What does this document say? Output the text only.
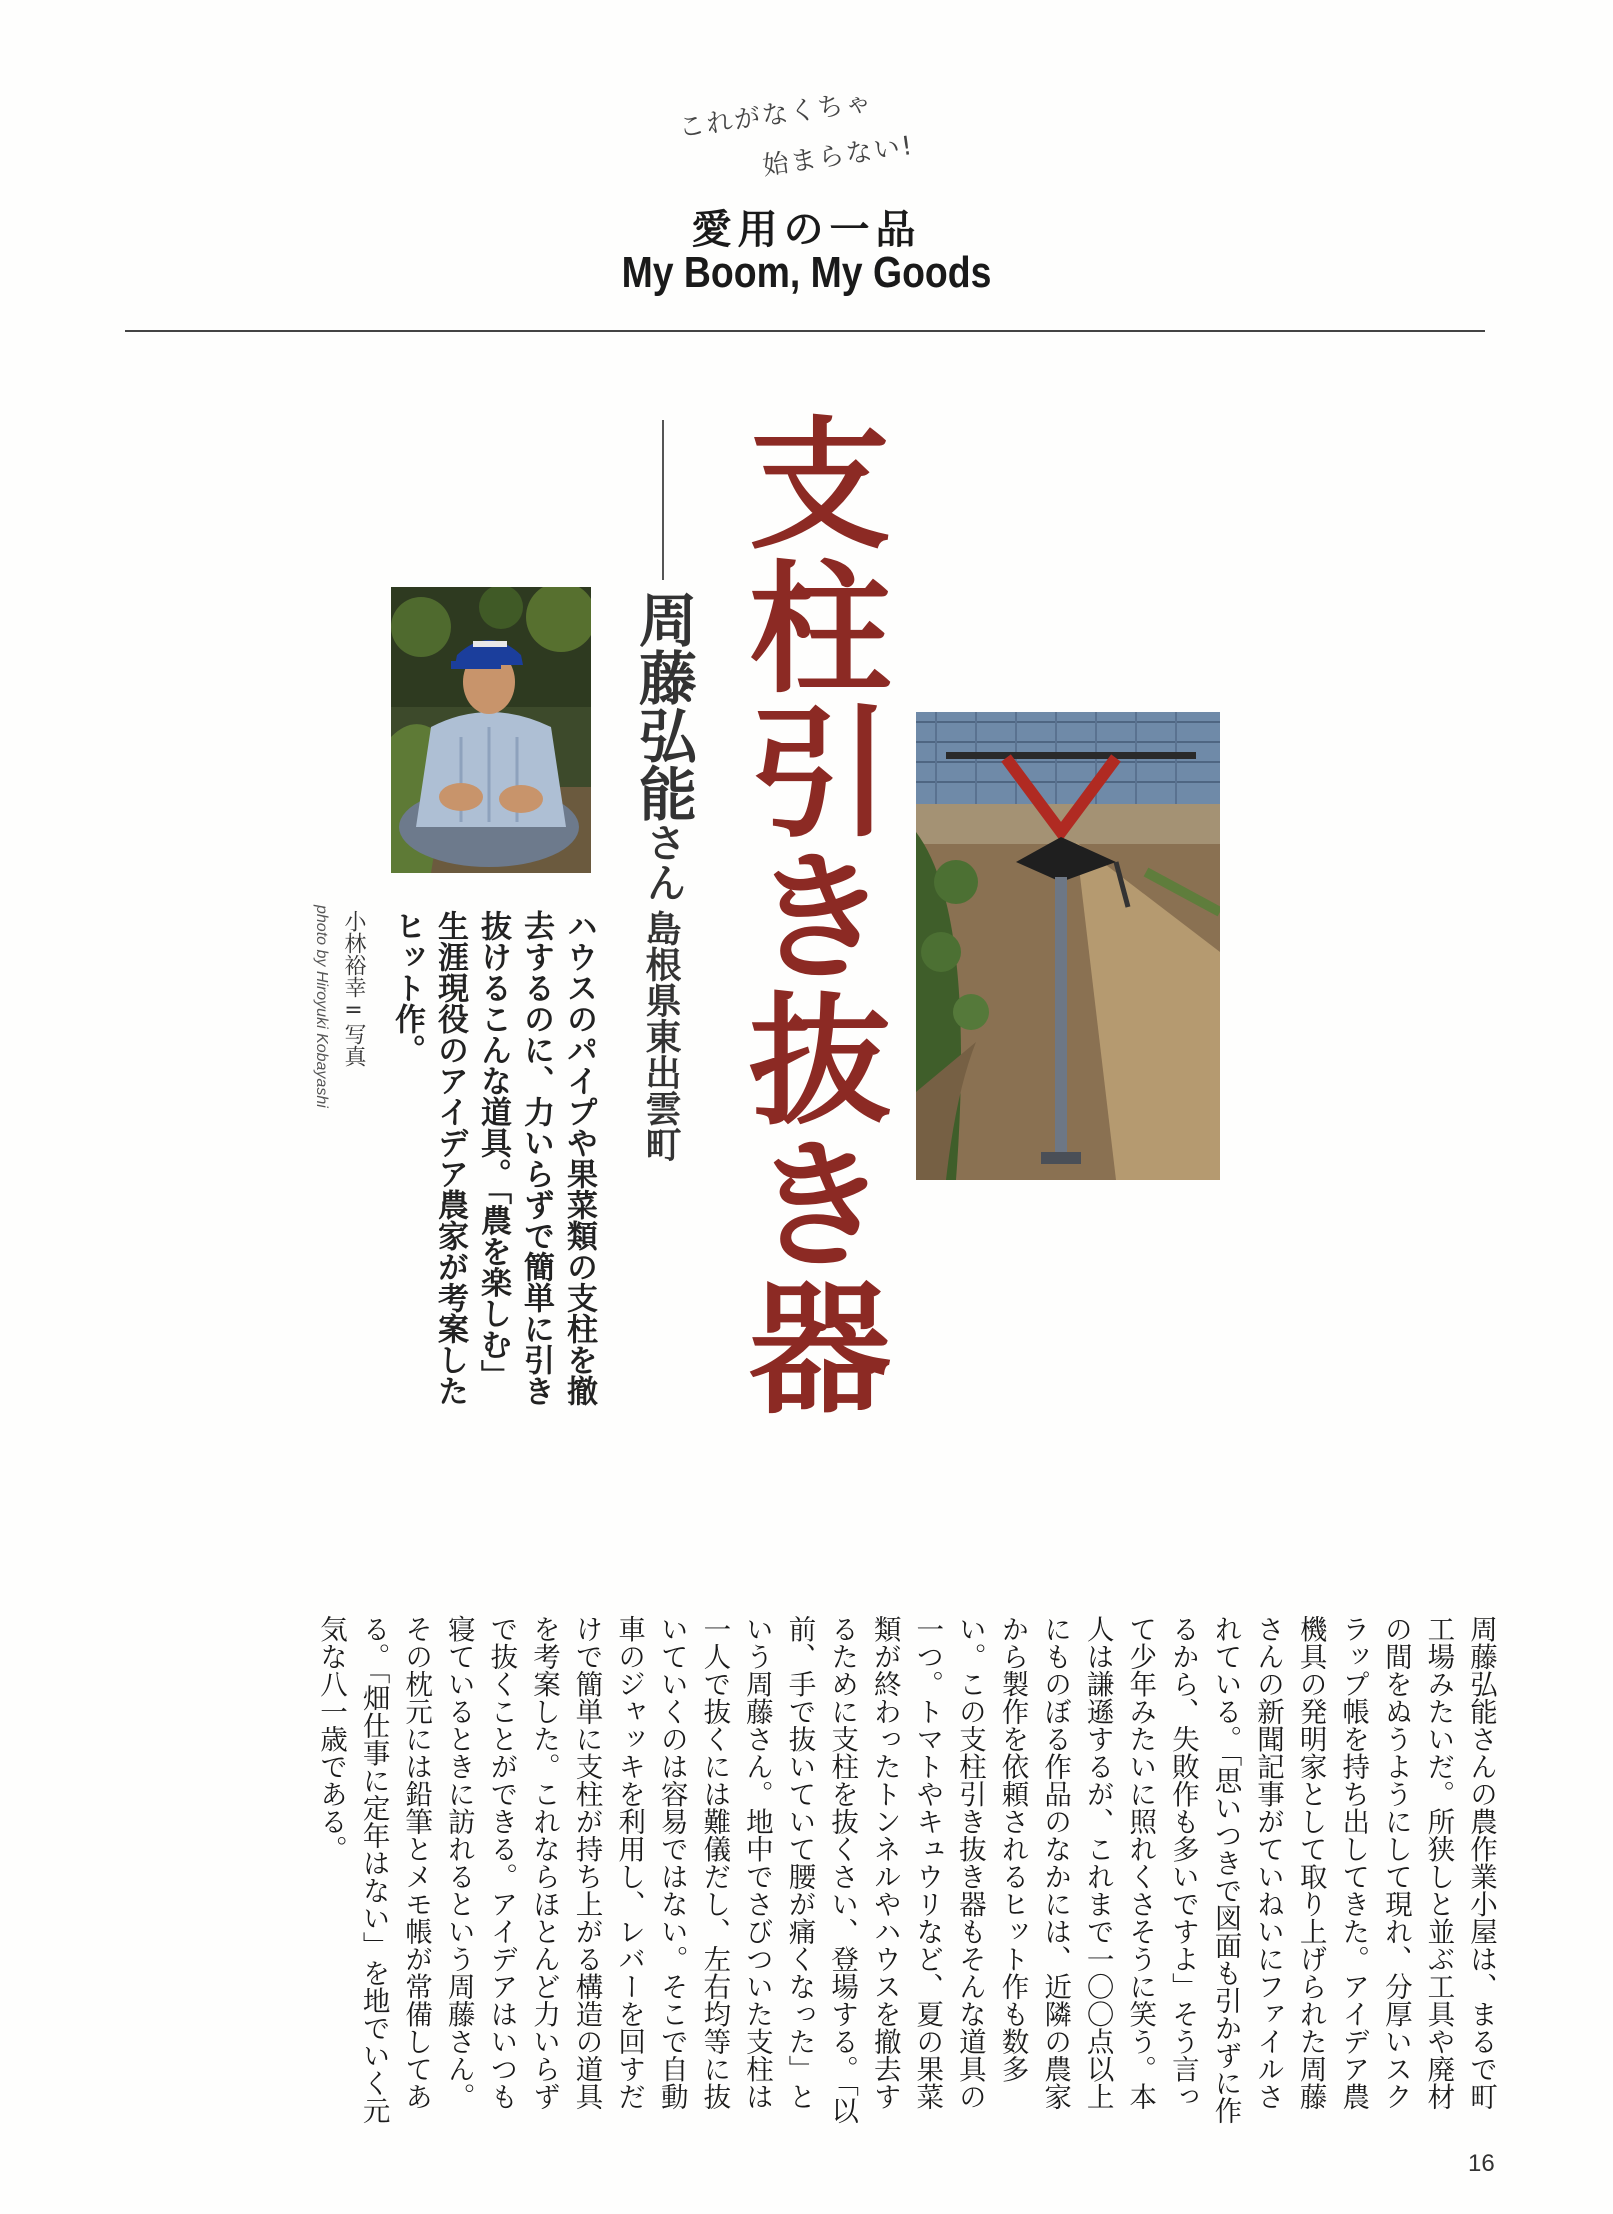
これがなくちゃ
始まらない!
愛用の一品
My Boom, My Goods
支柱引き抜き器
周藤弘能さん
島根県東出雲町
ハウスのパイプや果菜類の支柱を撤去するのに、力いらずで簡単に引き抜けるこんな道具。「農を楽しむ」生涯現役のアイデア農家が考案したヒット作。
小林裕幸=写真
photo by Hiroyuki Kobayashi
周藤弘能さんの農作業小屋は、まるで町工場みたいだ。所狭しと並ぶ工具や廃材の間をぬうようにして現れ、分厚いスクラップ帳を持ち出してきた。アイデア農機具の発明家として取り上げられた周藤さんの新聞記事がていねいにファイルされている。「思いつきで図面も引かずに作るから、失敗作も多いですよ」そう言って少年みたいに照れくさそうに笑う。本人は謙遜するが、これまで一〇〇点以上にものぼる作品のなかには、近隣の農家から製作を依頼されるヒット作も数多い。この支柱引き抜き器もそんな道具の一つ。トマトやキュウリなど、夏の果菜類が終わったトンネルやハウスを撤去するために支柱を抜くさい、登場する。「以前、手で抜いていて腰が痛くなった」という周藤さん。地中でさびついた支柱は一人で抜くには難儀だし、左右均等に抜いていくのは容易ではない。そこで自動車のジャッキを利用し、レバーを回すだけで簡単に支柱が持ち上がる構造の道具を考案した。これならほとんど力いらずで抜くことができる。アイデアはいつも寝ているときに訪れるという周藤さん。その枕元には鉛筆とメモ帳が常備してある。「畑仕事に定年はない」を地でいく元気な八一歳である。
16
